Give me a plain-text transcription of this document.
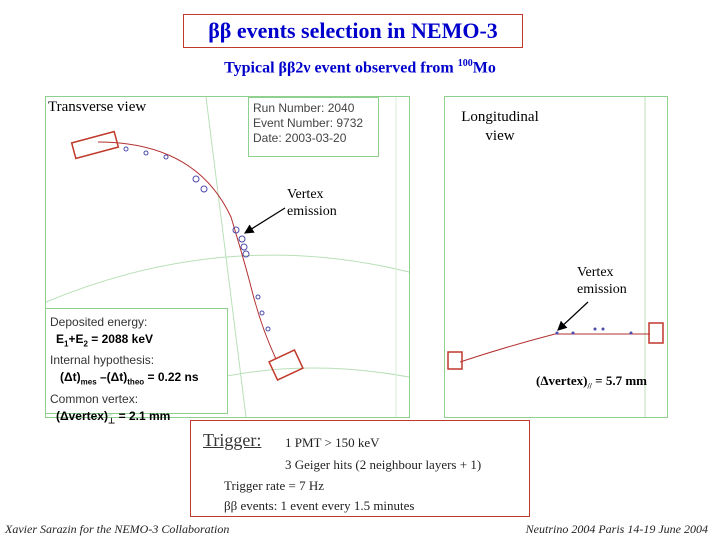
ββ events selection in NEMO-3
Typical ββ2ν event observed from $^{100}$Mo
Transverse view	Run Number: 2040
Event Number: 9732
Date: 2003-03-20
Vertex
emission
Longitudinal
view
Vertex
emission
$(\Delta vertex)_{//} = 5.7$ mm
Deposited energy:
$E_1+E_2 = 2088$ keV
Internal hypothesis:
$(\Delta t)_{mes}$ $-(\Delta t)_{theo} = 0.22$ ns
Common vertex:
$(\Delta vertex)_\perp = 2.1$ mm
Trigger: 1 PMT > 150 keV
3 Geiger hits (2 neighbour layers + 1)
Trigger rate = 7 Hz
ββ events: 1 event every 1.5 minutes
Xavier Sarazin for the NEMO-3 Collaboration	Neutrino 2004 Paris 14-19 June 2004
